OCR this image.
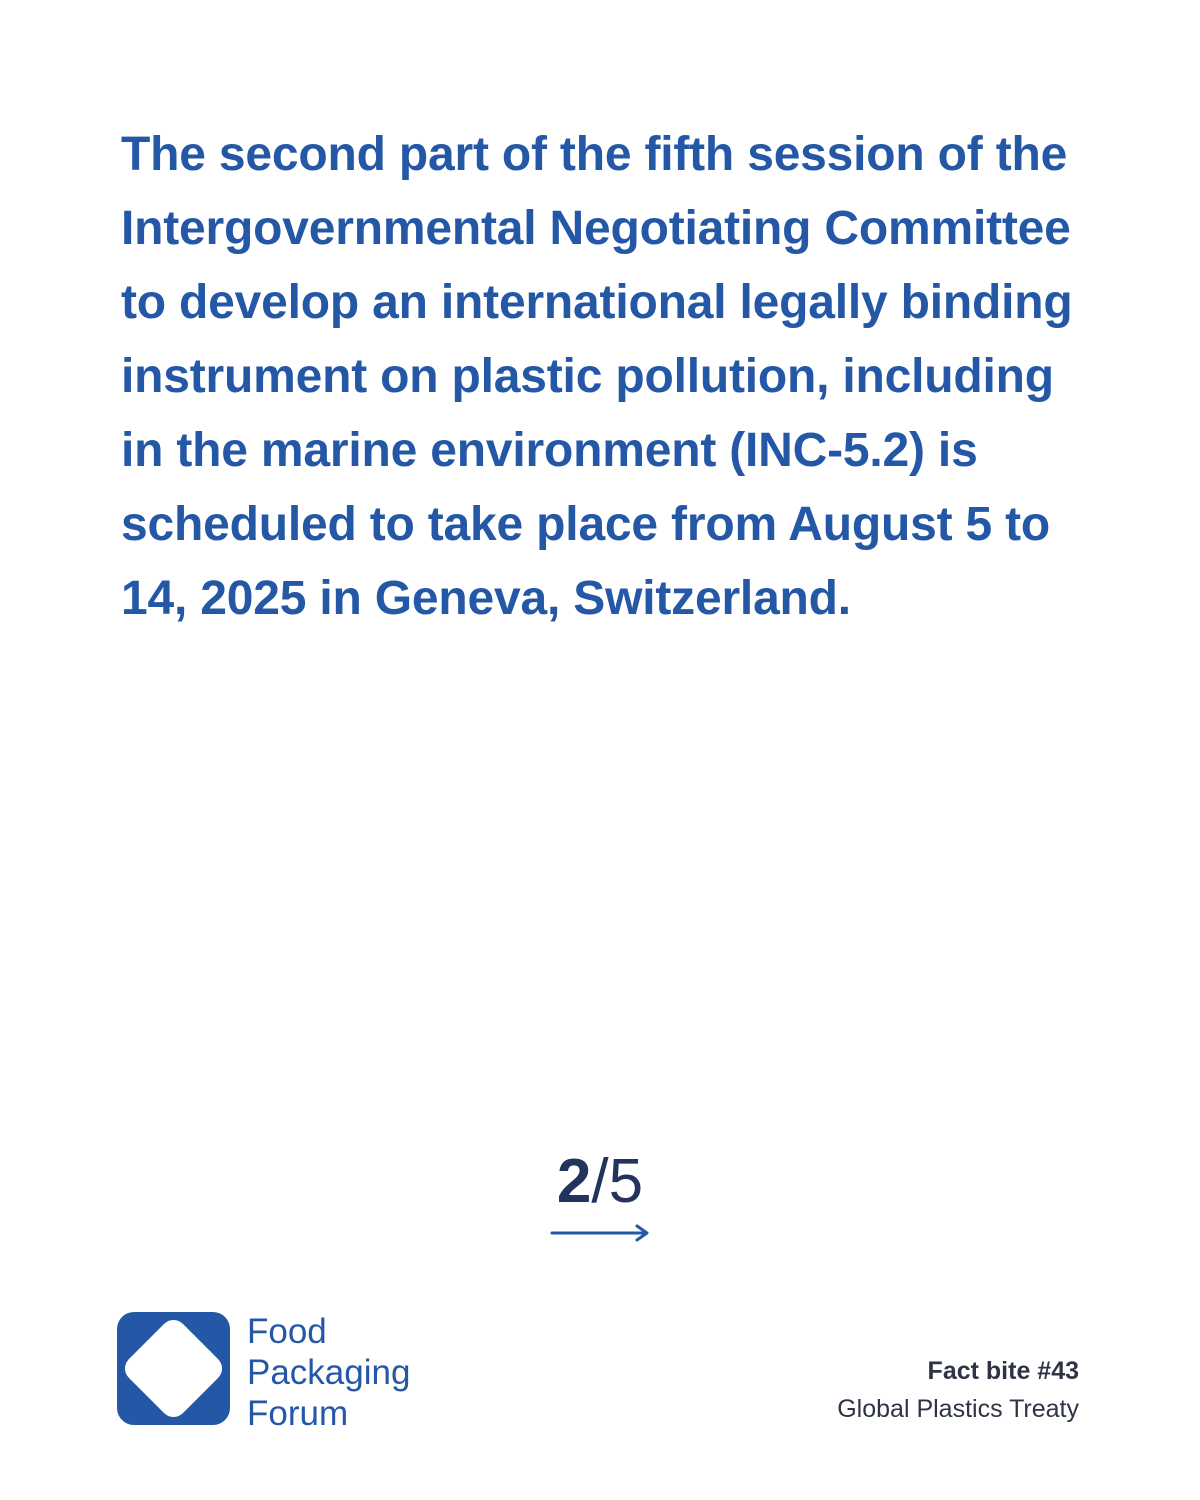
The second part of the fifth session of the Intergovernmental Negotiating Committee to develop an international legally binding instrument on plastic pollution, including in the marine environment (INC-5.2) is scheduled to take place from August 5 to 14, 2025 in Geneva, Switzerland.

2/5
Food
Packaging
Forum
Fact bite #43
Global Plastics Treaty
